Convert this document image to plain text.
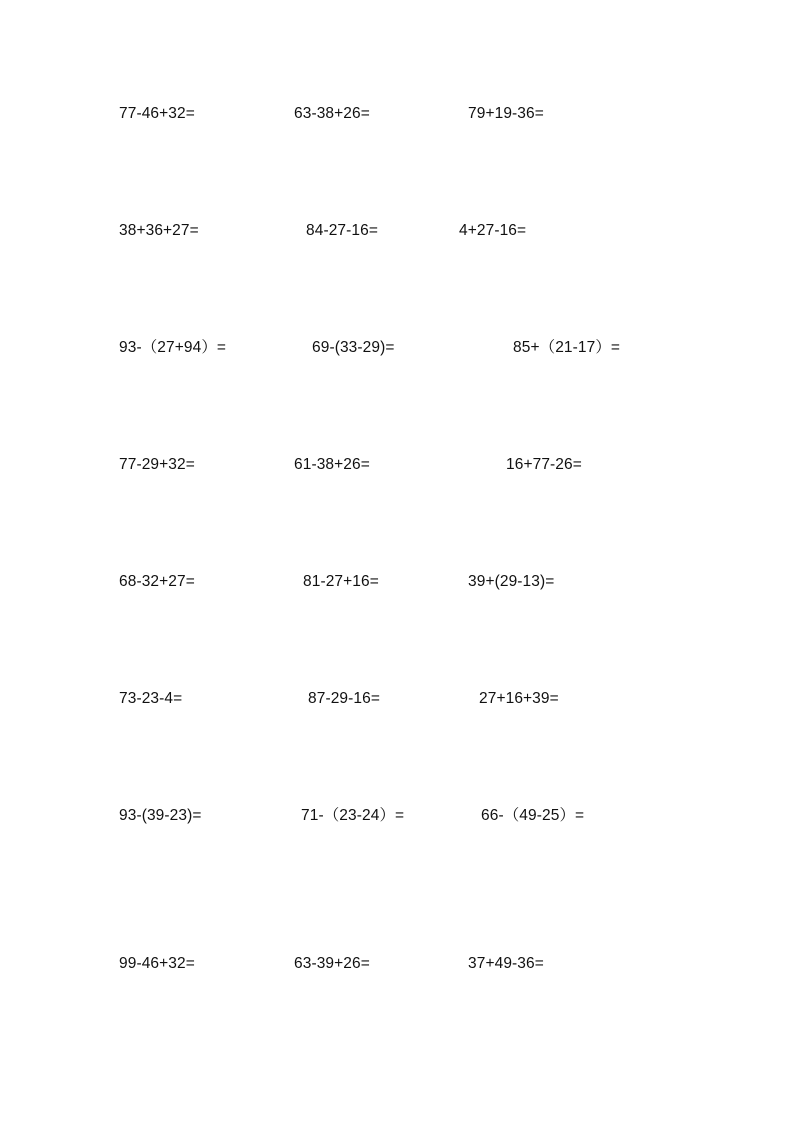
77-46+32=	63-38+26=	79+19-36=
38+36+27=	84-27-16=	4+27-16=
93-（27+94）=	69-(33-29)=	85+（21-17）=
77-29+32=	61-38+26=	16+77-26=
68-32+27=	81-27+16=	39+(29-13)=
73-23-4=	87-29-16=	27+16+39=
93-(39-23)=	71-（23-24）=	66-（49-25）=
99-46+32=	63-39+26=	37+49-36=
